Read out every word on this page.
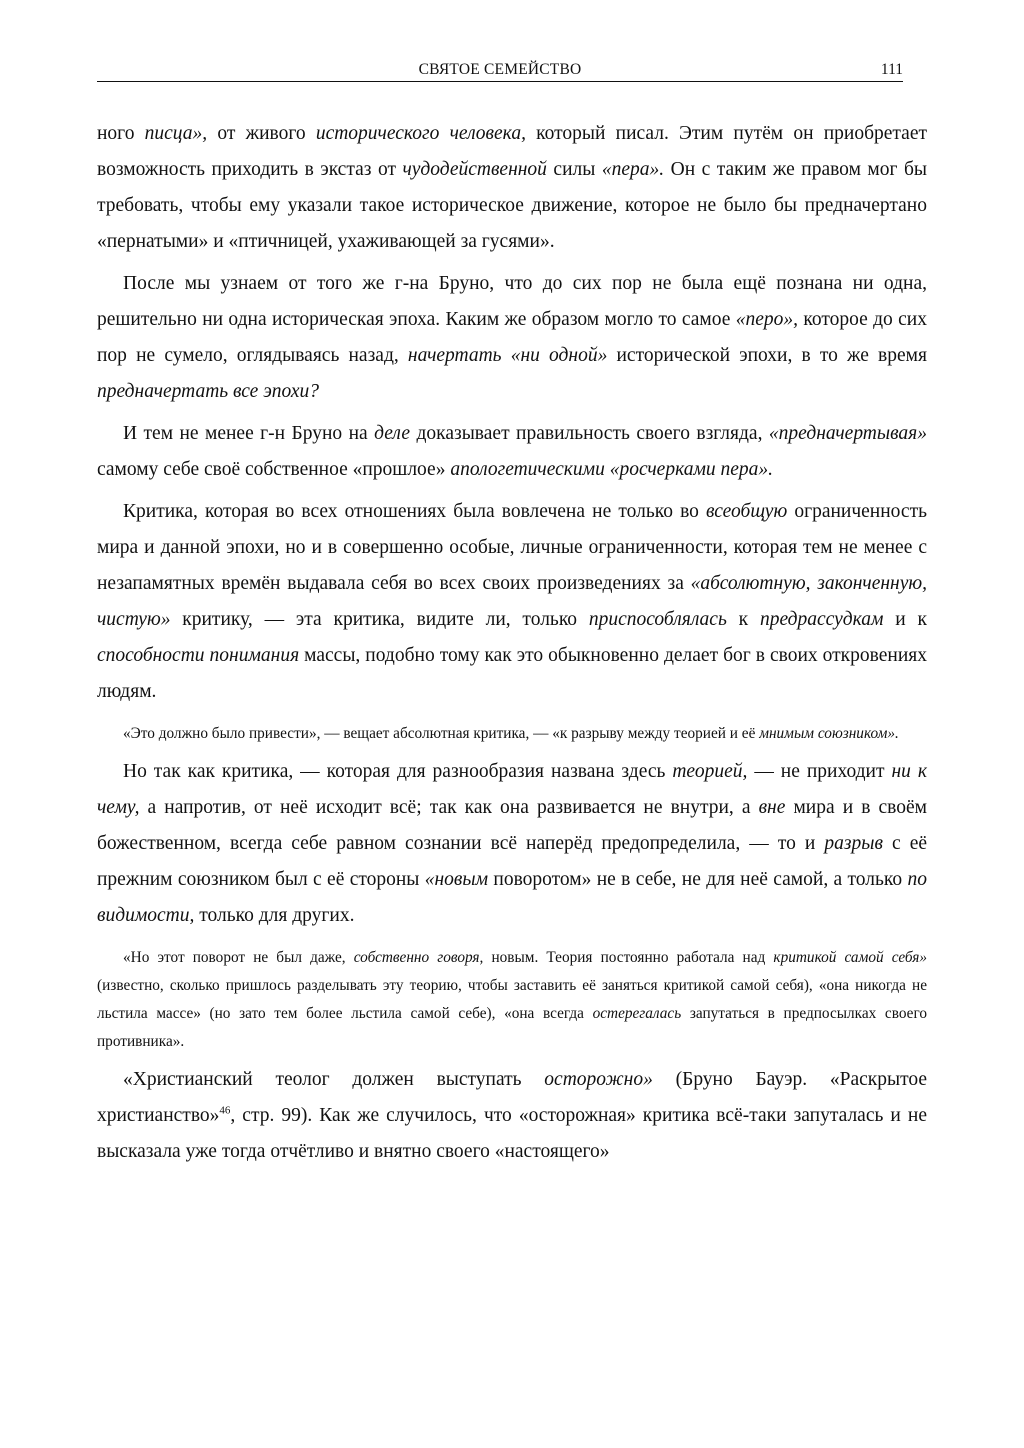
СВЯТОЕ СЕМЕЙСТВО	111

ного писца», от живого исторического человека, который писал. Этим путём он приобретает возможность приходить в экстаз от чудодейственной силы «пера». Он с таким же правом мог бы требовать, чтобы ему указали такое историческое движение, которое не было бы предначертано «пернатыми» и «птичницей, ухаживающей за гусями».

После мы узнаем от того же г-на Бруно, что до сих пор не была ещё познана ни одна, решительно ни одна историческая эпоха. Каким же образом могло то самое «перо», которое до сих пор не сумело, оглядываясь назад, начертать «ни одной» исторической эпохи, в то же время предначертать все эпохи?

И тем не менее г-н Бруно на деле доказывает правильность своего взгляда, «предначертывая» самому себе своё собственное «прошлое» апологетическими «росчерками пера».

Критика, которая во всех отношениях была вовлечена не только во всеобщую ограниченность мира и данной эпохи, но и в совершенно особые, личные ограниченности, которая тем не менее с незапамятных времён выдавала себя во всех своих произведениях за «абсолютную, законченную, чистую» критику, — эта критика, видите ли, только приспособлялась к предрассудкам и к способности понимания массы, подобно тому как это обыкновенно делает бог в своих откровениях людям.

«Это должно было привести», — вещает абсолютная критика, — «к разрыву между теорией и её мнимым союзником».

Но так как критика, — которая для разнообразия названа здесь теорией, — не приходит ни к чему, а напротив, от неё исходит всё; так как она развивается не внутри, а вне мира и в своём божественном, всегда себе равном сознании всё наперёд предопределила, — то и разрыв с её прежним союзником был с её стороны «новым поворотом» не в себе, не для неё самой, а только по видимости, только для других.

«Но этот поворот не был даже, собственно говоря, новым. Теория постоянно работала над критикой самой себя» (известно, сколько пришлось разделывать эту теорию, чтобы заставить её заняться критикой самой себя), «она никогда не льстила массе» (но зато тем более льстила самой себе), «она всегда остерегалась запутаться в предпосылках своего противника».

«Христианский теолог должен выступать осторожно» (Бруно Бауэр. «Раскрытое христианство»$^{46}$, стр. 99). Как же случилось, что «осторожная» критика всё-таки запуталась и не высказала уже тогда отчётливо и внятно своего «настоящего»
